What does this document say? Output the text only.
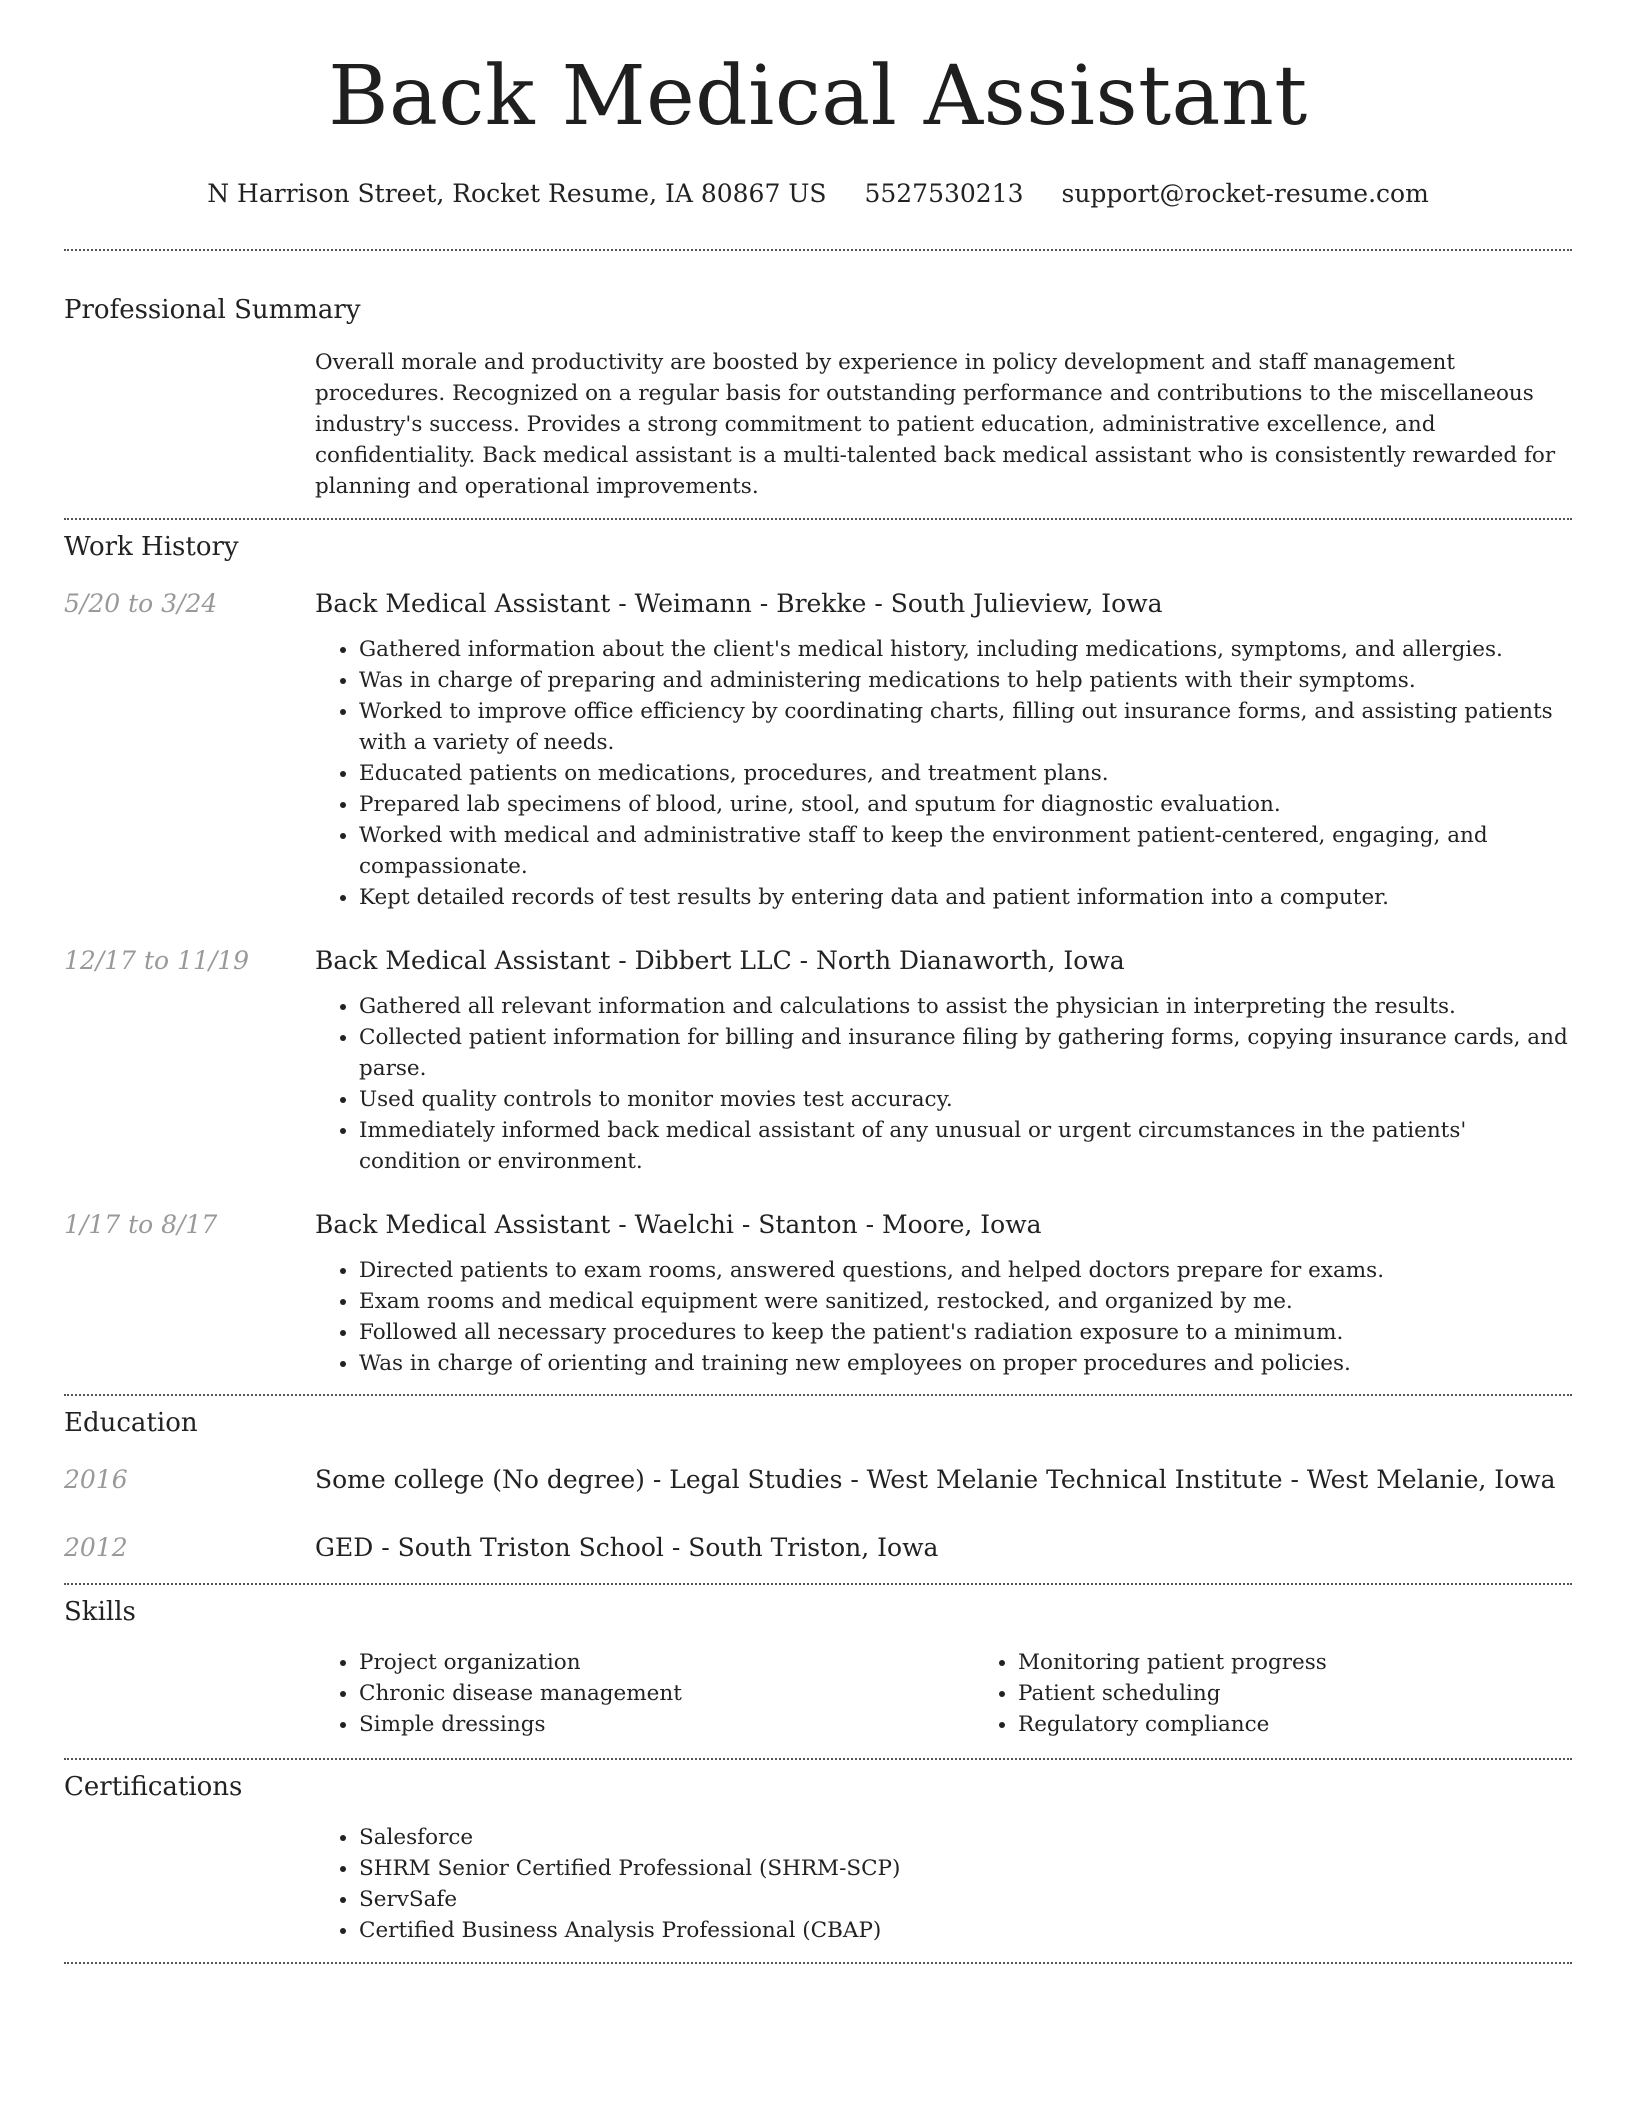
Back Medical Assistant
N Harrison Street, Rocket Resume, IA 80867 US 5527530213 support@rocket-resume.com
Professional Summary
Overall morale and productivity are boosted by experience in policy development and staff management procedures. Recognized on a regular basis for outstanding performance and contributions to the miscellaneous industry's success. Provides a strong commitment to patient education, administrative excellence, and confidentiality. Back medical assistant is a multi-talented back medical assistant who is consistently rewarded for planning and operational improvements.
Work History
5/20 to 3/24	Back Medical Assistant - Weimann - Brekke - South Julieview, Iowa
• Gathered information about the client's medical history, including medications, symptoms, and allergies.
• Was in charge of preparing and administering medications to help patients with their symptoms.
• Worked to improve office efficiency by coordinating charts, filling out insurance forms, and assisting patients with a variety of needs.
• Educated patients on medications, procedures, and treatment plans.
• Prepared lab specimens of blood, urine, stool, and sputum for diagnostic evaluation.
• Worked with medical and administrative staff to keep the environment patient-centered, engaging, and compassionate.
• Kept detailed records of test results by entering data and patient information into a computer.
12/17 to 11/19	Back Medical Assistant - Dibbert LLC - North Dianaworth, Iowa
• Gathered all relevant information and calculations to assist the physician in interpreting the results.
• Collected patient information for billing and insurance filing by gathering forms, copying insurance cards, and parse.
• Used quality controls to monitor movies test accuracy.
• Immediately informed back medical assistant of any unusual or urgent circumstances in the patients' condition or environment.
1/17 to 8/17	Back Medical Assistant - Waelchi - Stanton - Moore, Iowa
• Directed patients to exam rooms, answered questions, and helped doctors prepare for exams.
• Exam rooms and medical equipment were sanitized, restocked, and organized by me.
• Followed all necessary procedures to keep the patient's radiation exposure to a minimum.
• Was in charge of orienting and training new employees on proper procedures and policies.
Education
2016	Some college (No degree) - Legal Studies - West Melanie Technical Institute - West Melanie, Iowa
2012	GED - South Triston School - South Triston, Iowa
Skills
• Project organization
• Chronic disease management
• Simple dressings
• Monitoring patient progress
• Patient scheduling
• Regulatory compliance
Certifications
• Salesforce
• SHRM Senior Certified Professional (SHRM-SCP)
• ServSafe
• Certified Business Analysis Professional (CBAP)
